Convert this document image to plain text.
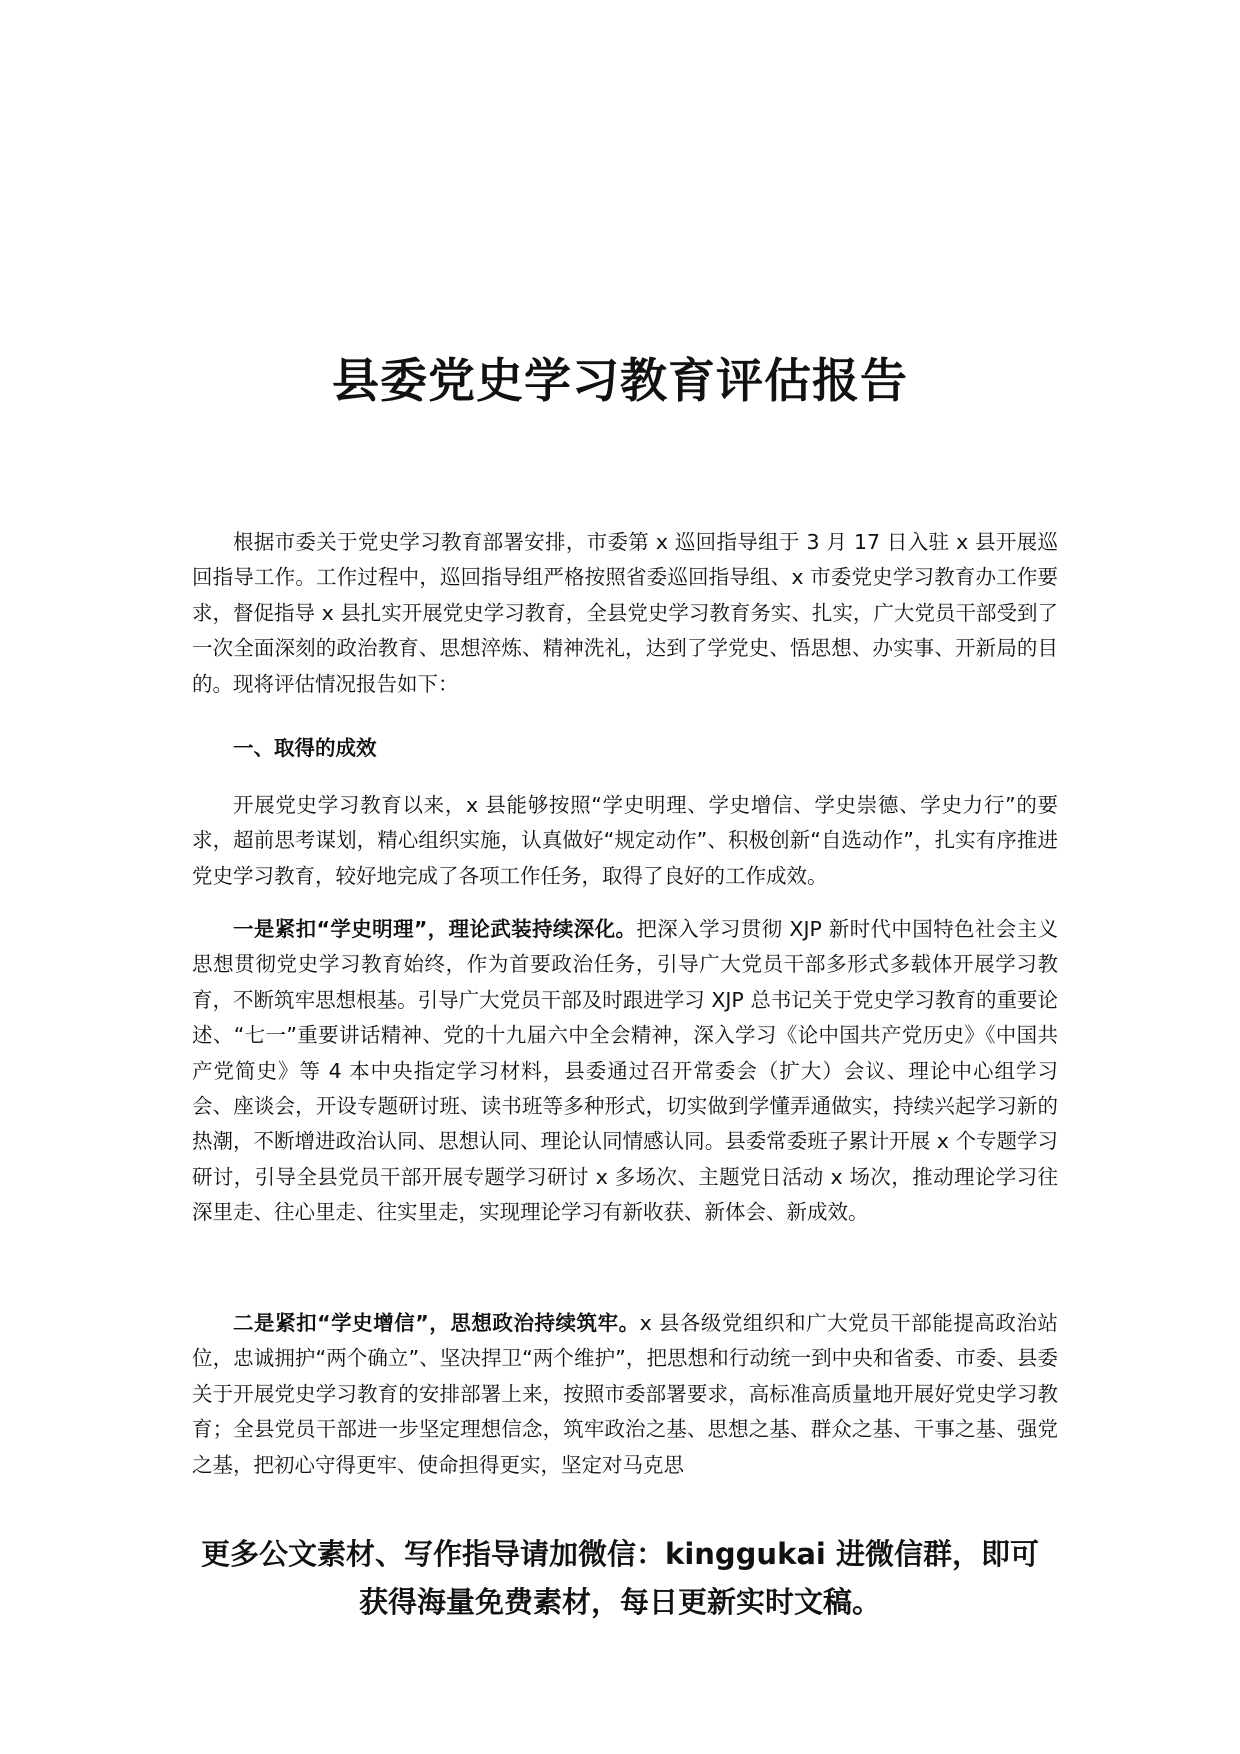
县委党史学习教育评估报告

根据市委关于党史学习教育部署安排，市委第 x 巡回指导组于 3 月 17 日入驻 x 县开展巡回指导工作。工作过程中，巡回指导组严格按照省委巡回指导组、x 市委党史学习教育办工作要求，督促指导 x 县扎实开展党史学习教育，全县党史学习教育务实、扎实，广大党员干部受到了一次全面深刻的政治教育、思想淬炼、精神洗礼，达到了学党史、悟思想、办实事、开新局的目的。现将评估情况报告如下：

一、取得的成效

开展党史学习教育以来，x 县能够按照“学史明理、学史增信、学史崇德、学史力行”的要求，超前思考谋划，精心组织实施，认真做好“规定动作”、积极创新“自选动作”，扎实有序推进党史学习教育，较好地完成了各项工作任务，取得了良好的工作成效。

一是紧扣“学史明理”，理论武装持续深化。把深入学习贯彻 XJP 新时代中国特色社会主义思想贯彻党史学习教育始终，作为首要政治任务，引导广大党员干部多形式多载体开展学习教育，不断筑牢思想根基。引导广大党员干部及时跟进学习 XJP 总书记关于党史学习教育的重要论述、“七一”重要讲话精神、党的十九届六中全会精神，深入学习《论中国共产党历史》《中国共产党简史》等 4 本中央指定学习材料，县委通过召开常委会（扩大）会议、理论中心组学习会、座谈会，开设专题研讨班、读书班等多种形式，切实做到学懂弄通做实，持续兴起学习新的热潮，不断增进政治认同、思想认同、理论认同情感认同。县委常委班子累计开展 x 个专题学习研讨，引导全县党员干部开展专题学习研讨 x 多场次、主题党日活动 x 场次，推动理论学习往深里走、往心里走、往实里走，实现理论学习有新收获、新体会、新成效。

二是紧扣“学史增信”，思想政治持续筑牢。x 县各级党组织和广大党员干部能提高政治站位，忠诚拥护“两个确立”、坚决捍卫“两个维护”，把思想和行动统一到中央和省委、市委、县委关于开展党史学习教育的安排部署上来，按照市委部署要求，高标准高质量地开展好党史学习教育；全县党员干部进一步坚定理想信念，筑牢政治之基、思想之基、群众之基、干事之基、强党之基，把初心守得更牢、使命担得更实，坚定对马克思

更多公文素材、写作指导请加微信：kinggukai 进微信群，即可
获得海量免费素材，每日更新实时文稿。
